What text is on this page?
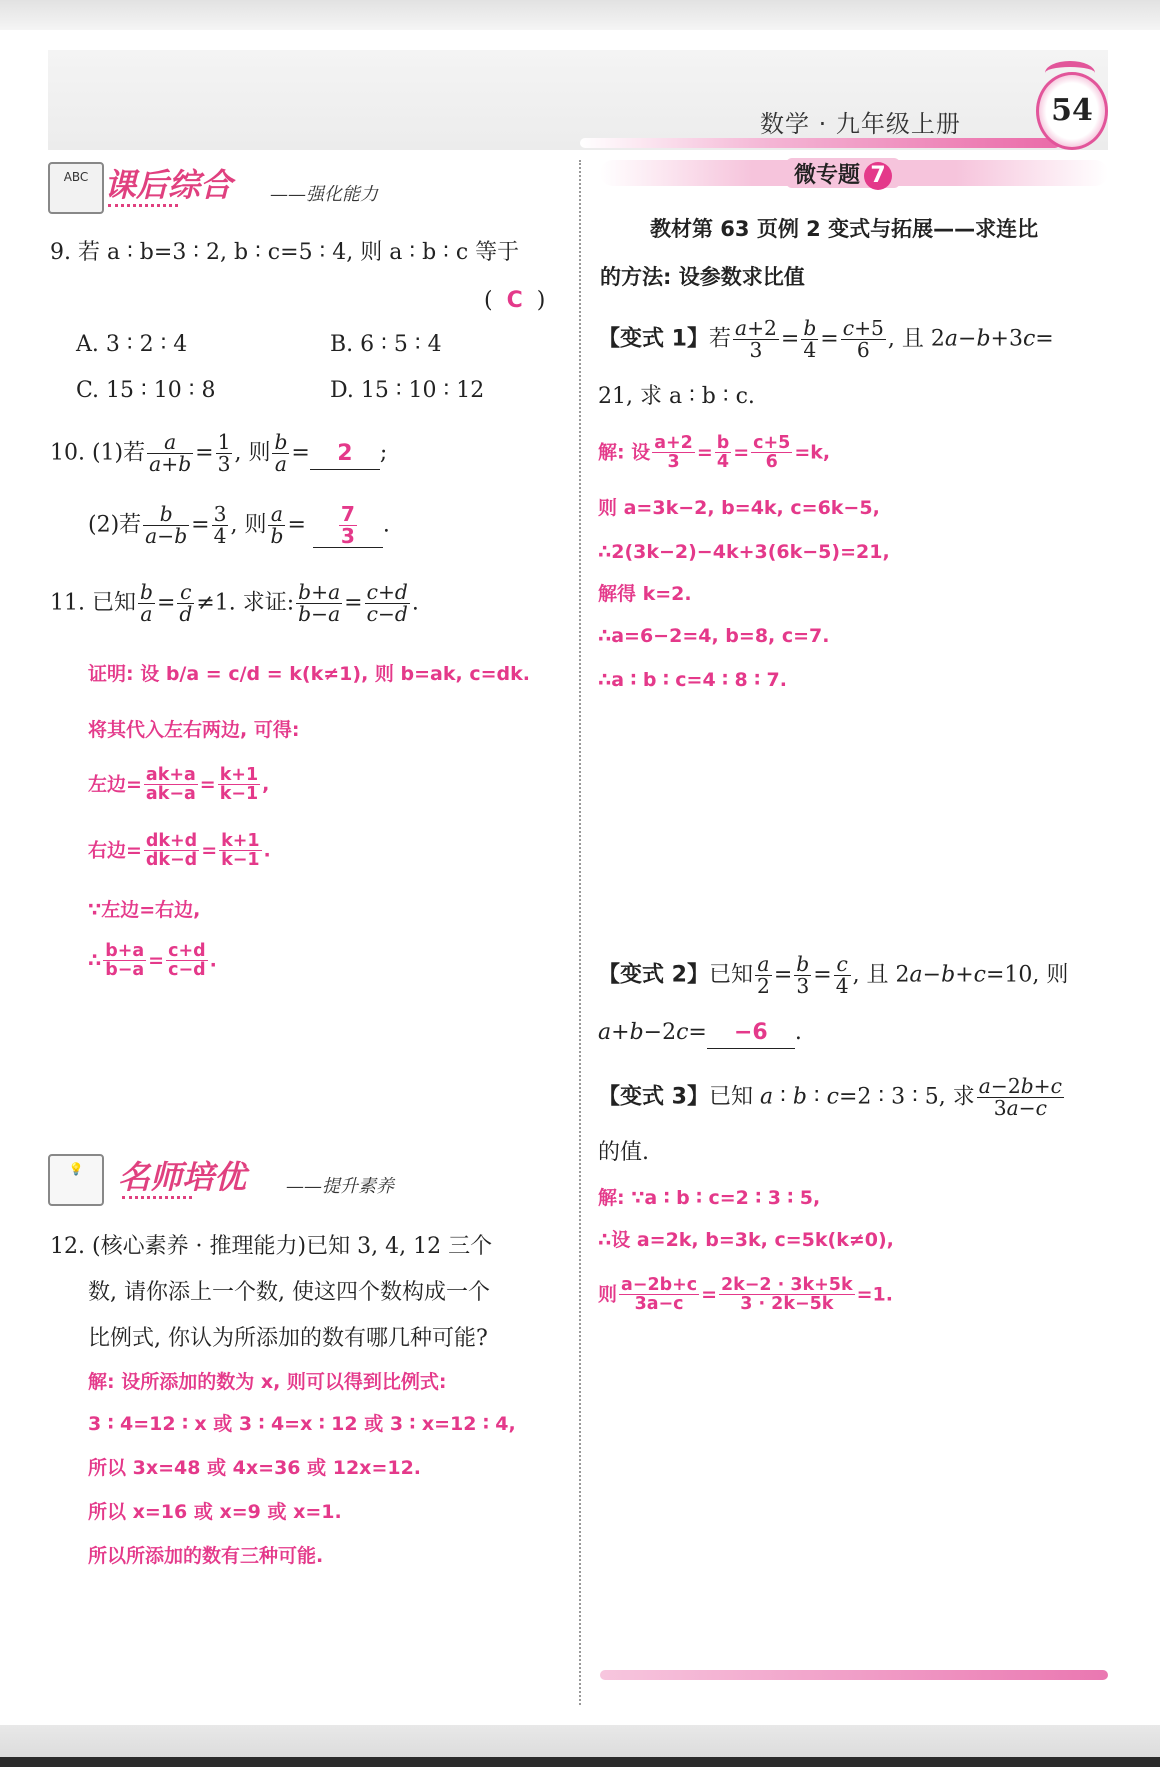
数学 · 九年级上册	54
ABC 课后综合 ——强化能力
9. 若 a ∶ b=3 ∶ 2, b ∶ c=5 ∶ 4, 则 a ∶ b ∶ c 等于
(  C  )
A. 3 ∶ 2 ∶ 4	B. 6 ∶ 5 ∶ 4
C. 15 ∶ 10 ∶ 8	D. 15 ∶ 10 ∶ 12
10. (1)若 $\frac{a}{a+b} = \frac{1}{3}$ , 则 $\frac{b}{a} = 2$ ;
(2)若 $\frac{b}{a-b} = \frac{3}{4}$ , 则 $\frac{a}{b} = \frac{7}{3}$ .
11. 已知 $\frac{b}{a} = \frac{c}{d} \ne 1$. 求证: $\frac{b+a}{b-a} = \frac{c+d}{c-d}$ .
证明: 设 b/a = c/d = k(k≠1), 则 b=ak, c=dk.
将其代入左右两边, 可得:
左边= $\frac{ak+a}{ak-a} = \frac{k+1}{k-1}$ ,
右边= $\frac{dk+d}{dk-d} = \frac{k+1}{k-1}$ .
∵左边=右边,
∴ $\frac{b+a}{b-a} = \frac{c+d}{c-d}$ .
💡	名师培优 ——提升素养
12. (核心素养 · 推理能力)已知 3, 4, 12 三个
数, 请你添上一个数, 使这四个数构成一个
比例式, 你认为所添加的数有哪几种可能?
解: 设所添加的数为 x, 则可以得到比例式:
3 ∶ 4=12 ∶ x 或 3 ∶ 4=x ∶ 12 或 3 ∶ x=12 ∶ 4,
所以 3x=48 或 4x=36 或 12x=12.
所以 x=16 或 x=9 或 x=1.
所以所添加的数有三种可能.
微专题 7
教材第 63 页例 2 变式与拓展——求连比
的方法: 设参数求比值
【变式 1】若 $\frac{a+2}{3} = \frac{b}{4} = \frac{c+5}{6}$ , 且 2a−b+3c=
21, 求 a ∶ b ∶ c.
解: 设 $\frac{a+2}{3} = \frac{b}{4} = \frac{c+5}{6} =k$,
则 a=3k−2, b=4k, c=6k−5,
∴2(3k−2)−4k+3(6k−5)=21,
解得 k=2.
∴a=6−2=4, b=8, c=7.
∴a ∶ b ∶ c=4 ∶ 8 ∶ 7.
【变式 2】已知 $\frac{a}{2} = \frac{b}{3} = \frac{c}{4}$ , 且 2a−b+c=10, 则
a+b−2c= −6 .
【变式 3】已知 a ∶ b ∶ c=2 ∶ 3 ∶ 5, 求 $\frac{a-2b+c}{3a-c}$
的值.
解: ∵a ∶ b ∶ c=2 ∶ 3 ∶ 5,
∴设 a=2k, b=3k, c=5k(k≠0),
则 $\frac{a-2b+c}{3a-c} = \frac{2k-2 \cdot 3k+5k}{3 \cdot 2k-5k} =1$.
